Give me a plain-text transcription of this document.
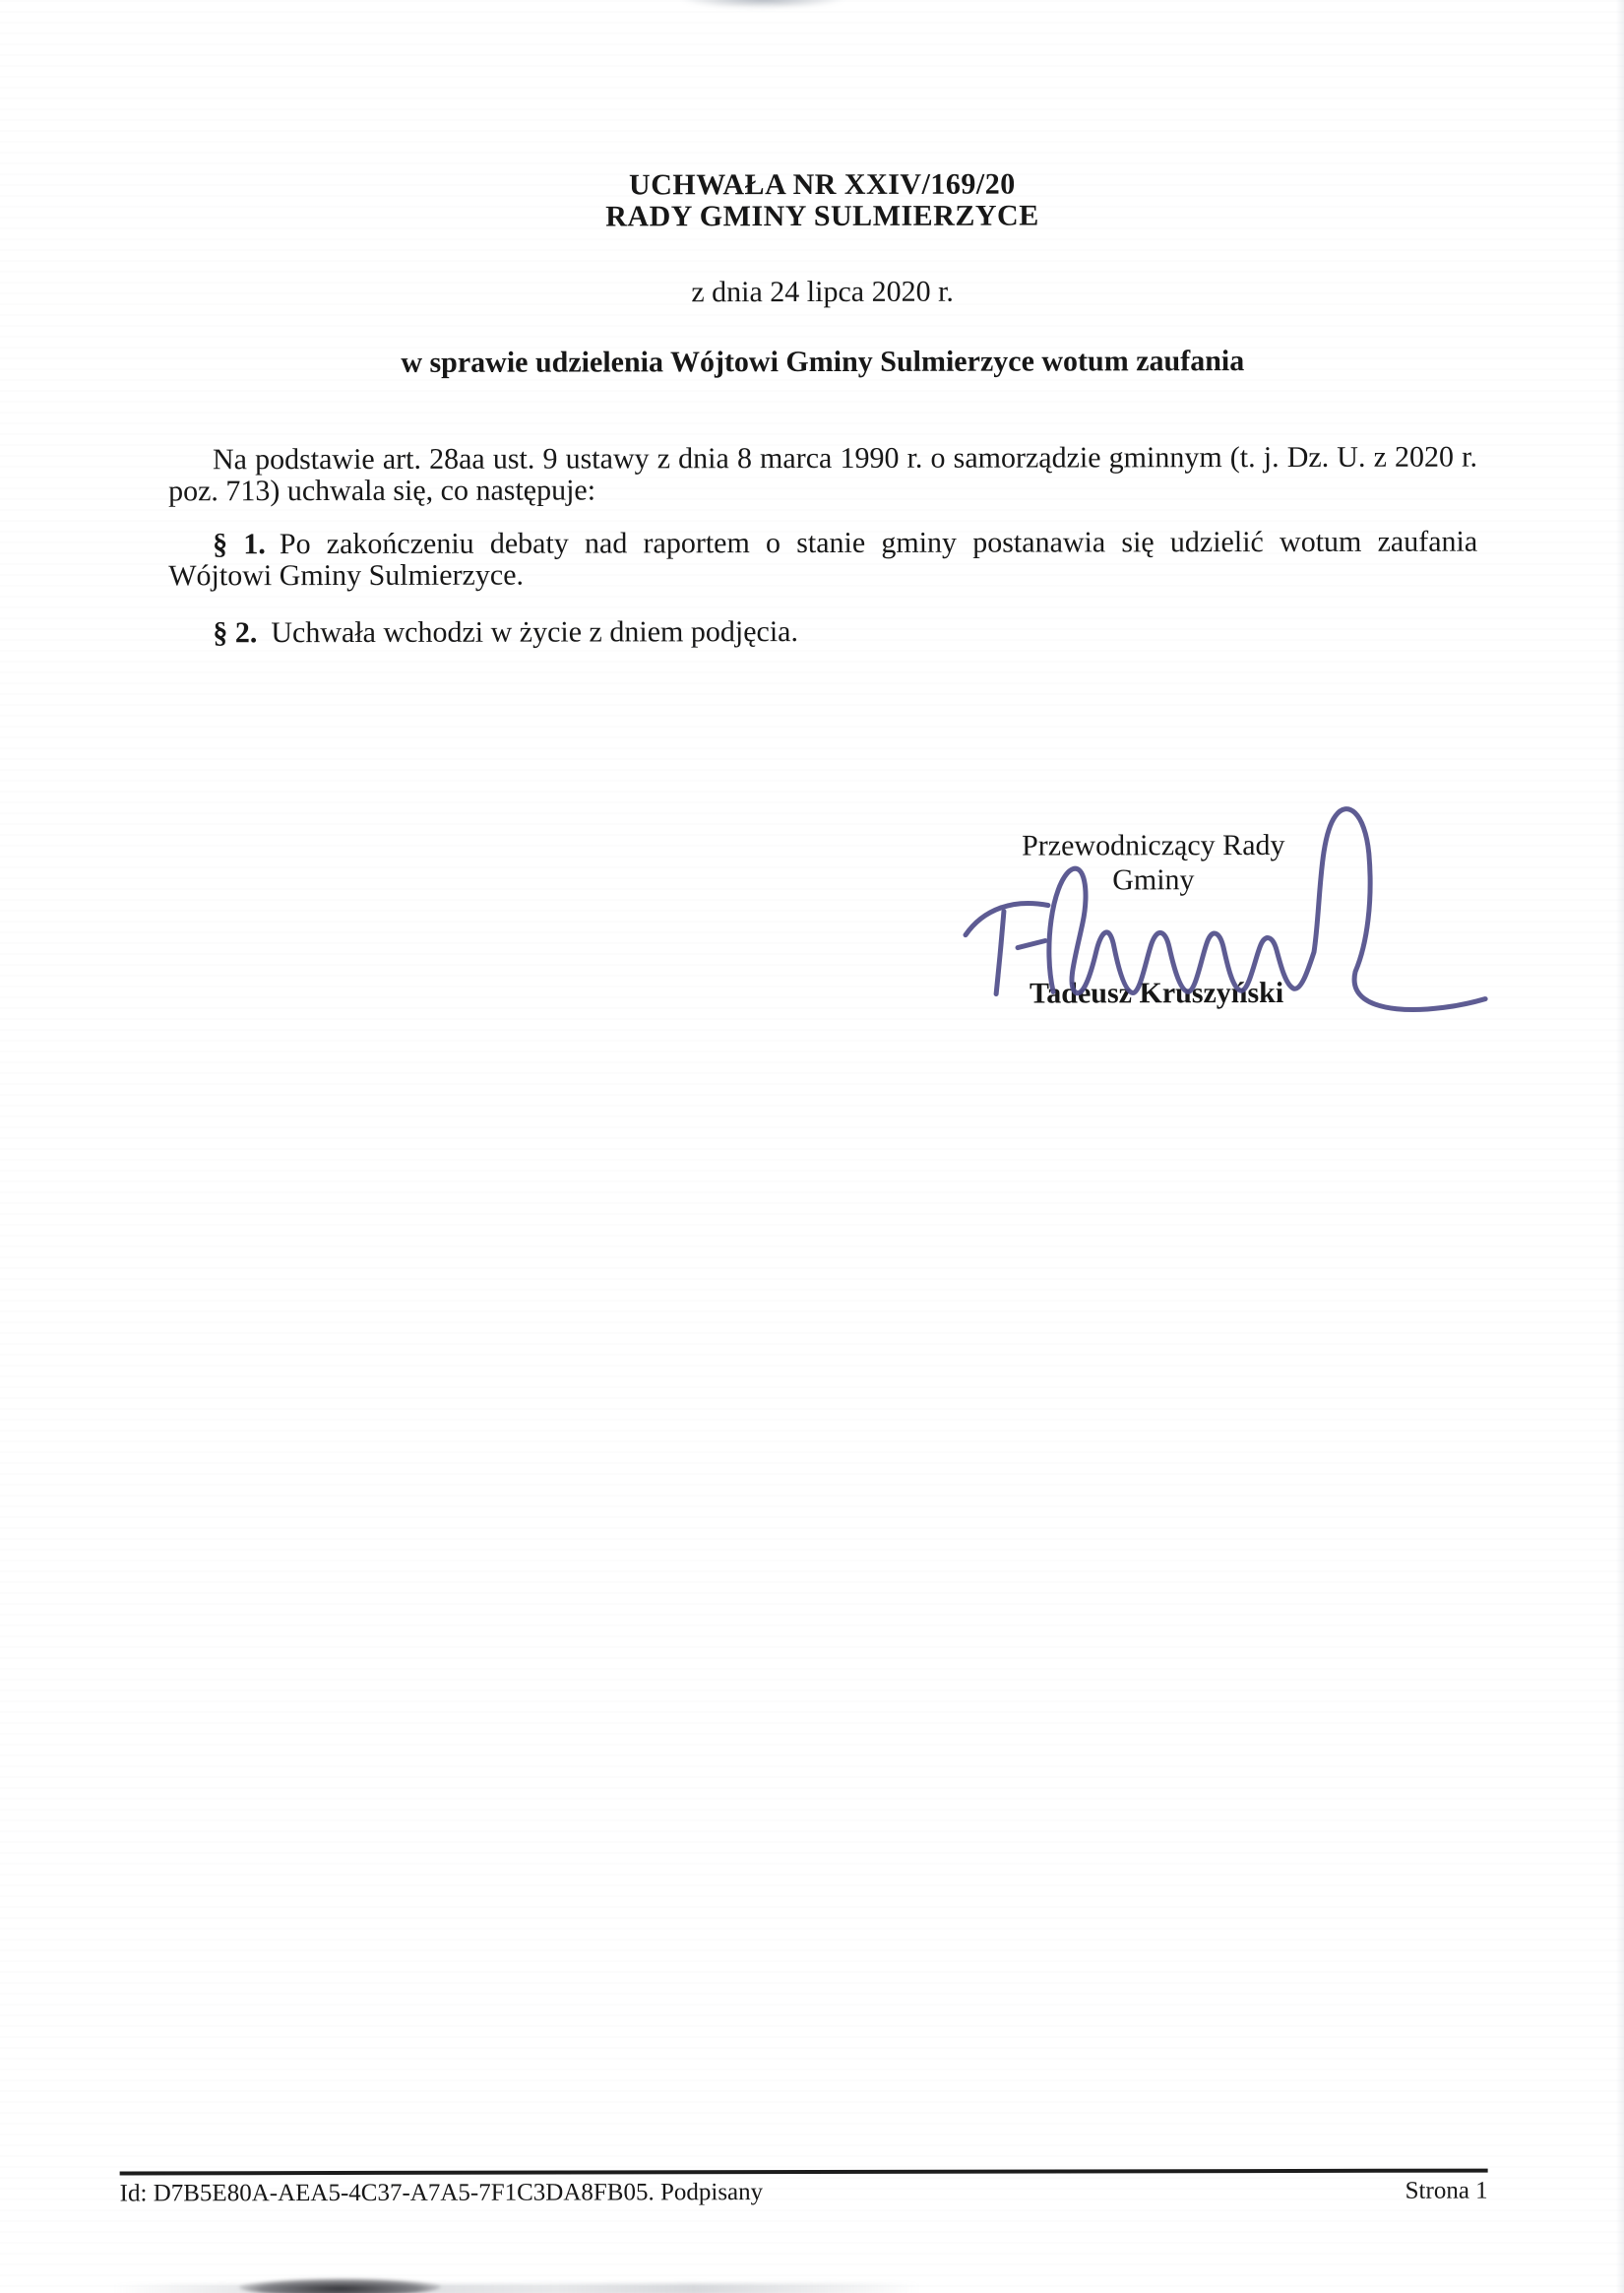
UCHWAŁA NR XXIV/169/20
RADY GMINY SULMIERZYCE
z dnia 24 lipca 2020 r.
w sprawie udzielenia Wójtowi Gminy Sulmierzyce wotum zaufania
Na podstawie art. 28aa ust. 9 ustawy z dnia 8 marca 1990 r. o samorządzie gminnym (t. j. Dz. U. z 2020 r.
poz. 713) uchwala się, co następuje:
§ 1. Po zakończeniu debaty nad raportem o stanie gminy postanawia się udzielić wotum zaufania
Wójtowi Gminy Sulmierzyce.
§ 2. Uchwała wchodzi w życie z dniem podjęcia.
Przewodniczący Rady
Gminy
Tadeusz Kruszyński
Id: D7B5E80A-AEA5-4C37-A7A5-7F1C3DA8FB05. Podpisany	Strona 1
